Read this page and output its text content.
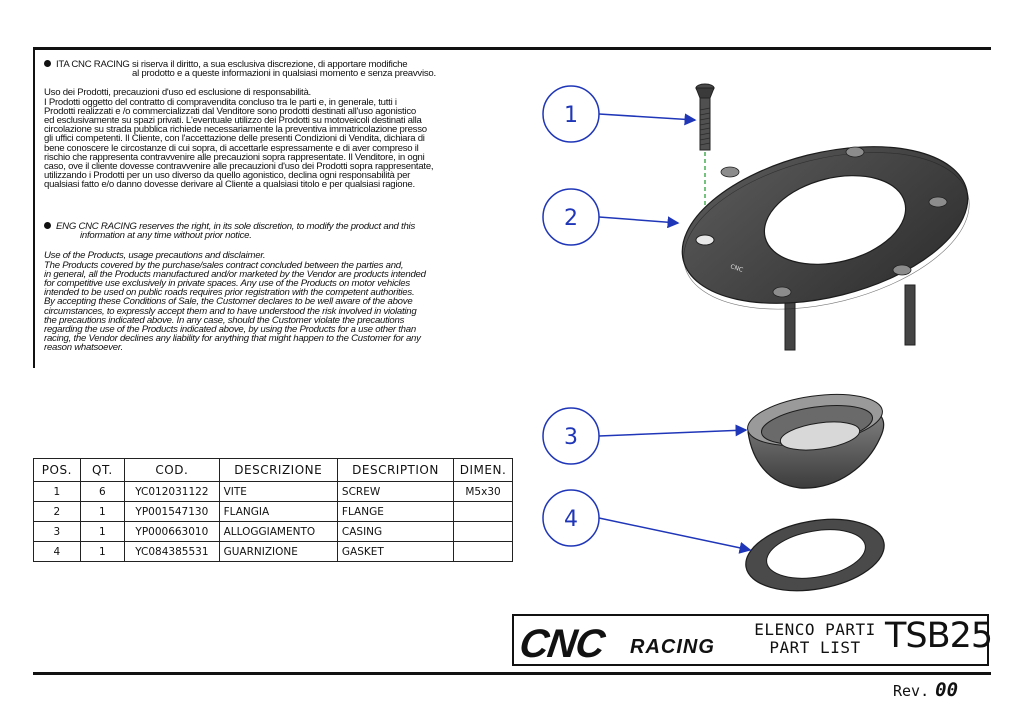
ITA CNC RACING si riserva il diritto, a sua esclusiva discrezione, di apportare modifiche

al prodotto e a queste informazioni in qualsiasi momento e senza preavviso.

Uso dei Prodotti, precauzioni d'uso ed esclusione di responsabilità.

I Prodotti oggetto del contratto di compravendita concluso tra le parti e, in generale, tutti i

Prodotti realizzati e /o commercializzati dal Venditore sono prodotti destinati all'uso agonistico

ed esclusivamente su spazi privati. L'eventuale utilizzo dei Prodotti su motoveicoli destinati alla

circolazione su strada pubblica richiede necessariamente la preventiva immatricolazione presso

gli uffici competenti. Il Cliente, con l'accettazione delle presenti Condizioni di Vendita, dichiara di

bene conoscere le circostanze di cui sopra, di accettarle espressamente e di aver compreso il

rischio che rappresenta contravvenire alle precauzioni sopra rappresentate. Il Venditore, in ogni

caso, ove il cliente dovesse contravvenire alle precauzioni d'uso dei Prodotti sopra rappresentate,

utilizzando i Prodotti per un uso diverso da quello agonistico, declina ogni responsabilità per

qualsiasi fatto e/o danno dovesse derivare al Cliente a qualsiasi titolo e per qualsiasi ragione.

ENG CNC RACING reserves the right, in its sole discretion, to modify the product and this

information at any time without prior notice.

Use of the Products, usage precautions and disclaimer.

The Products covered by the purchase/sales contract concluded between the parties and,

in general, all the Products manufactured and/or marketed by the Vendor are products intended

for competitive use exclusively in private spaces. Any use of the Products on motor vehicles

intended to be used on public roads requires prior registration with the competent authorities.

By accepting these Conditions of Sale, the Customer declares to be well aware of the above

circumstances, to expressly accept them and to have understood the risk involved in violating

the precautions indicated above. In any case, should the Customer violate the precautions

regarding the use of the Products indicated above, by using the Products for a use other than

racing, the Vendor declines any liability for anything that might happen to the Customer for any

reason whatsoever.

POS.	QT.	COD.	DESCRIZIONE	DESCRIPTION	DIMEN.
1	6	YC012031122	VITE	SCREW	M5x30
2	1	YP001547130	FLANGIA	FLANGE	
3	1	YP000663010	ALLOGGIAMENTO	CASING	
4	1	YC084385531	GUARNIZIONE	GASKET	
CNC
1
2
3
4
CNC RACING
ELENCO PARTI
PART LIST TSB25
Rev. 00
